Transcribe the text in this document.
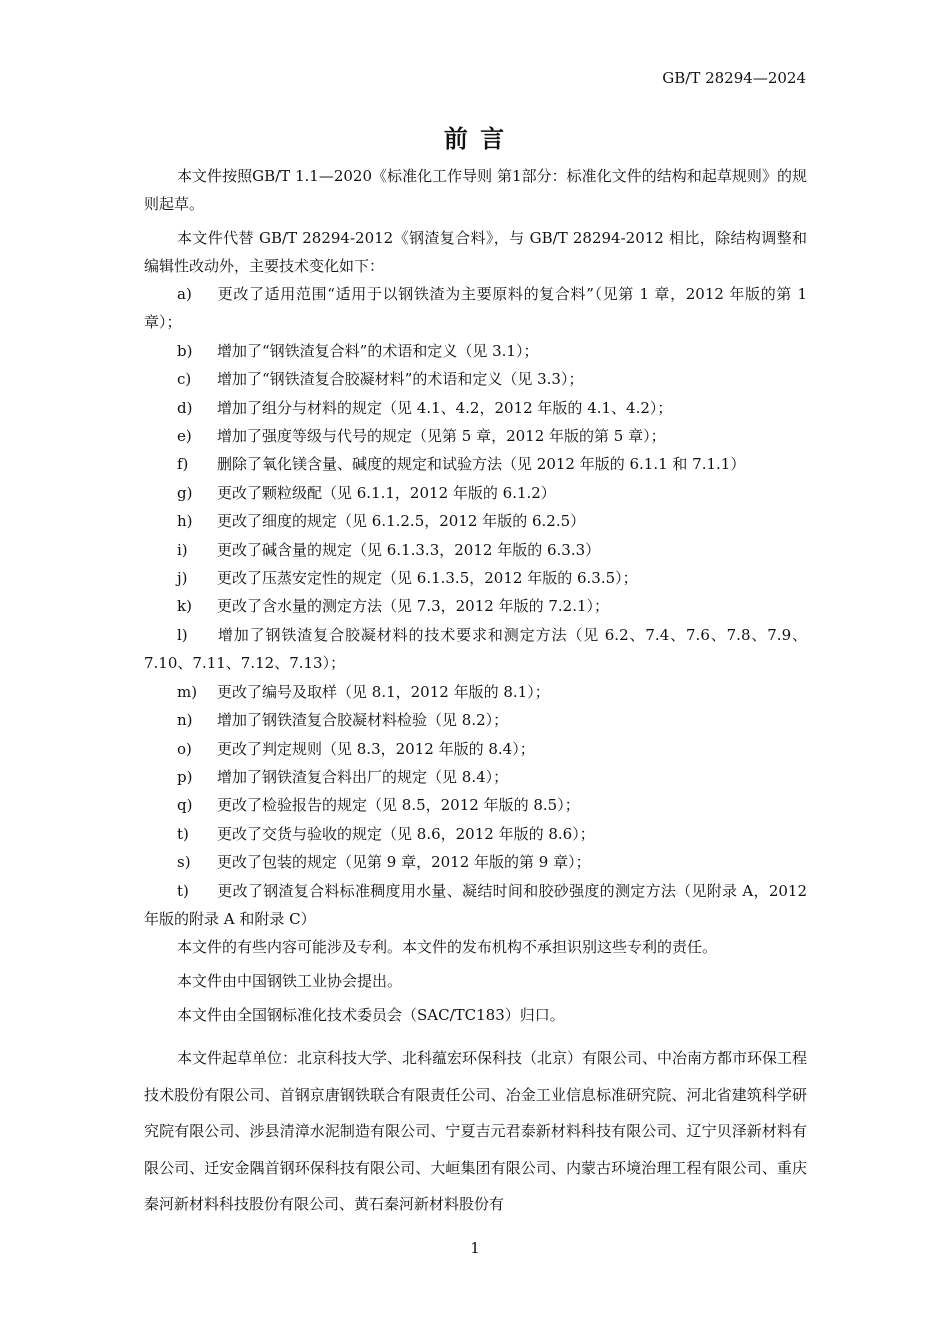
GB/T 28294—2024
前 言

本文件按照GB/T 1.1—2020《标准化工作导则 第1部分：标准化文件的结构和起草规则》的规则起草。

本文件代替 GB/T 28294-2012《钢渣复合料》，与 GB/T 28294-2012 相比，除结构调整和编辑性改动外，主要技术变化如下：

a) 更改了适用范围“适用于以钢铁渣为主要原料的复合料”（见第 1 章，2012 年版的第 1 章）；

b) 增加了“钢铁渣复合料”的术语和定义（见 3.1）；

c) 增加了“钢铁渣复合胶凝材料”的术语和定义（见 3.3）；

d) 增加了组分与材料的规定（见 4.1、4.2，2012 年版的 4.1、4.2）；

e) 增加了强度等级与代号的规定（见第 5 章，2012 年版的第 5 章）；

f) 删除了氧化镁含量、碱度的规定和试验方法（见 2012 年版的 6.1.1 和 7.1.1）

g) 更改了颗粒级配（见 6.1.1，2012 年版的 6.1.2）

h) 更改了细度的规定（见 6.1.2.5，2012 年版的 6.2.5）

i) 更改了碱含量的规定（见 6.1.3.3，2012 年版的 6.3.3）

j) 更改了压蒸安定性的规定（见 6.1.3.5，2012 年版的 6.3.5）；

k) 更改了含水量的测定方法（见 7.3，2012 年版的 7.2.1）；

l) 增加了钢铁渣复合胶凝材料的技术要求和测定方法（见 6.2、7.4、7.6、7.8、7.9、7.10、7.11、7.12、7.13）；

m) 更改了编号及取样（见 8.1，2012 年版的 8.1）；

n) 增加了钢铁渣复合胶凝材料检验（见 8.2）；

o) 更改了判定规则（见 8.3，2012 年版的 8.4）；

p) 增加了钢铁渣复合料出厂的规定（见 8.4）；

q) 更改了检验报告的规定（见 8.5，2012 年版的 8.5）；

t) 更改了交货与验收的规定（见 8.6，2012 年版的 8.6）；

s) 更改了包装的规定（见第 9 章，2012 年版的第 9 章）；

t) 更改了钢渣复合料标准稠度用水量、凝结时间和胶砂强度的测定方法（见附录 A，2012 年版的附录 A 和附录 C）

本文件的有些内容可能涉及专利。本文件的发布机构不承担识别这些专利的责任。

本文件由中国钢铁工业协会提出。

本文件由全国钢标准化技术委员会（SAC/TC183）归口。

本文件起草单位：北京科技大学、北科蕴宏环保科技（北京）有限公司、中冶南方都市环保工程技术股份有限公司、首钢京唐钢铁联合有限责任公司、冶金工业信息标准研究院、河北省建筑科学研究院有限公司、涉县清漳水泥制造有限公司、宁夏吉元君泰新材料科技有限公司、辽宁贝泽新材料有限公司、迁安金隅首钢环保科技有限公司、大峘集团有限公司、内蒙古环境治理工程有限公司、重庆秦河新材料科技股份有限公司、黄石秦河新材料股份有

1
